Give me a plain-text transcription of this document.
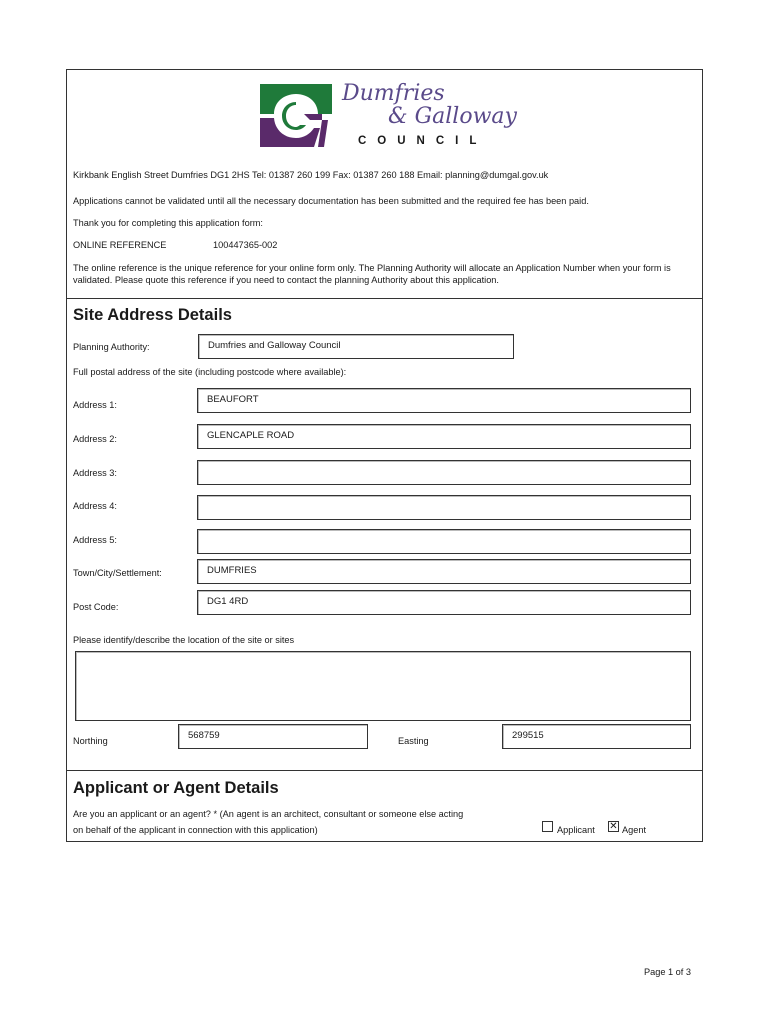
Dumfries
& Galloway
COUNCIL
Kirkbank English Street Dumfries DG1 2HS Tel: 01387 260 199 Fax: 01387 260 188 Email: planning@dumgal.gov.uk
Applications cannot be validated until all the necessary documentation has been submitted and the required fee has been paid.
Thank you for completing this application form:
ONLINE REFERENCE	100447365-002
The online reference is the unique reference for your online form only. The Planning Authority will allocate an Application Number when your form is validated. Please quote this reference if you need to contact the planning Authority about this application.
Site Address Details
Planning Authority:	Dumfries and Galloway Council
Full postal address of the site (including postcode where available):
Address 1:	BEAUFORT
Address 2:	GLENCAPLE ROAD
Address 3:
Address 4:
Address 5:
Town/City/Settlement:	DUMFRIES
Post Code:	DG1 4RD
Please identify/describe the location of the site or sites
Northing	568759	Easting	299515
Applicant or Agent Details
Are you an applicant or an agent? * (An agent is an architect, consultant or someone else acting
on behalf of the applicant in connection with this application)	Applicant ✕ Agent
Page 1 of 3
